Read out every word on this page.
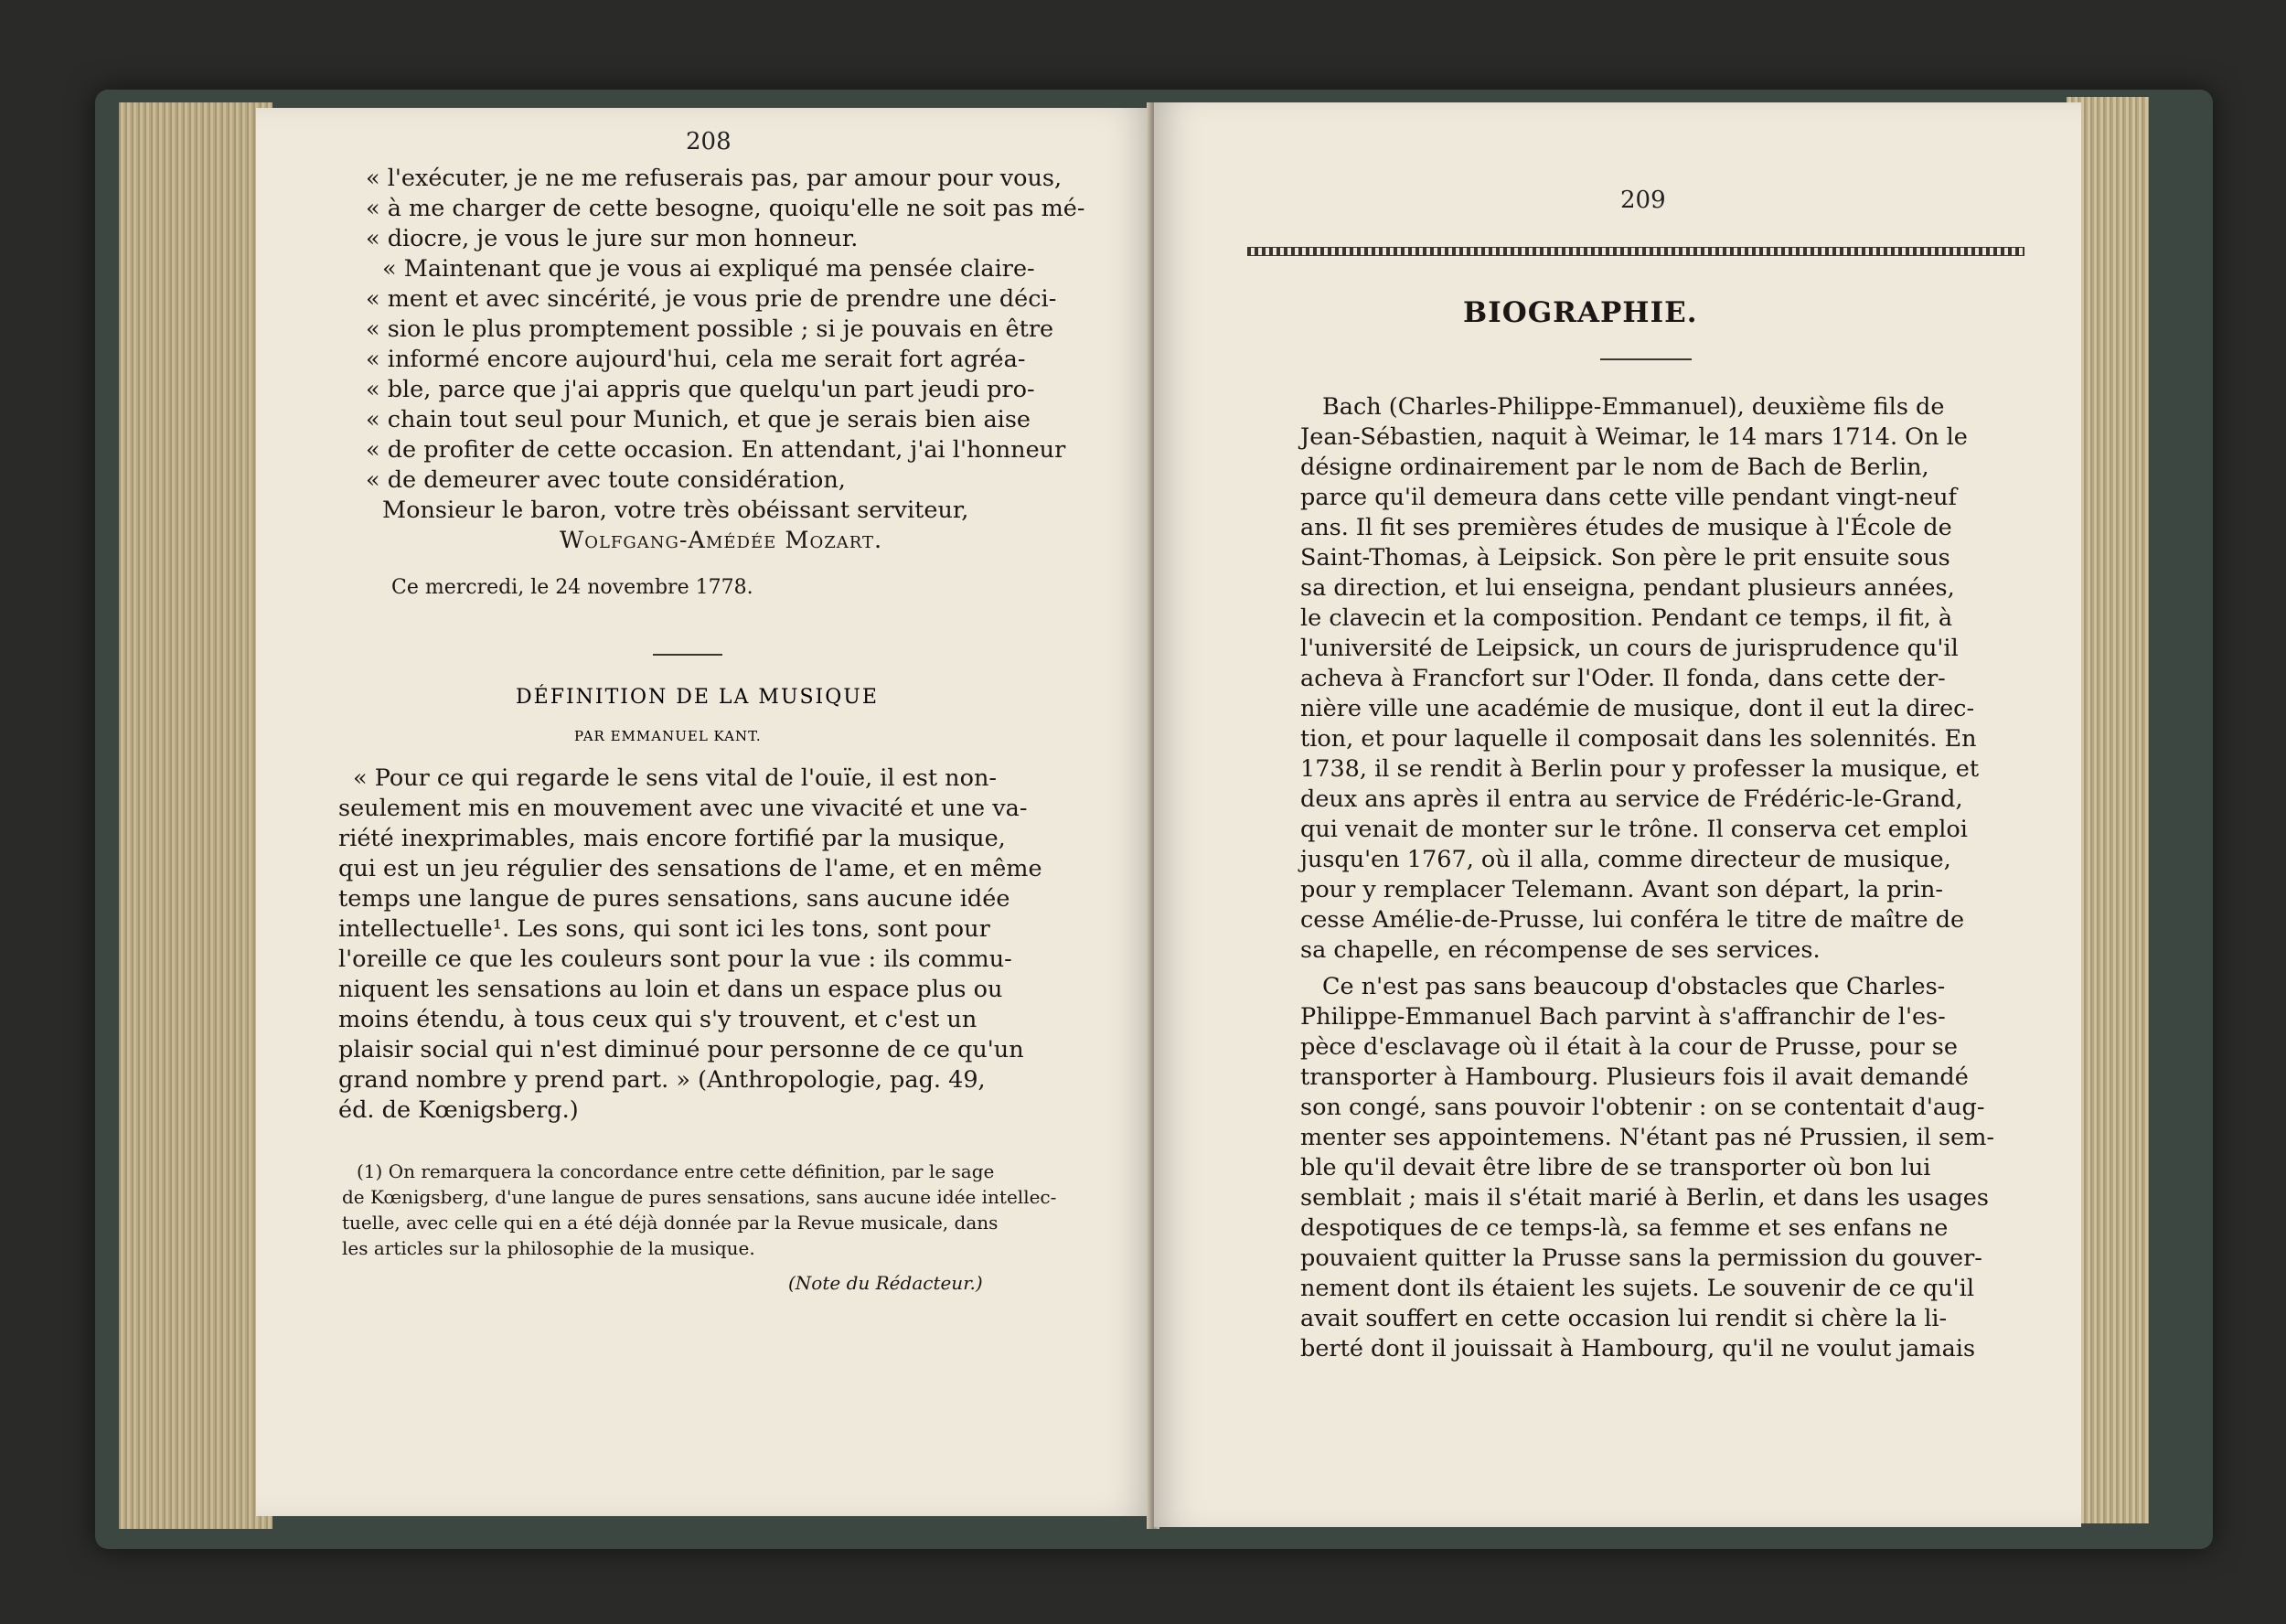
208
« l'exécuter, je ne me refuserais pas, par amour pour vous,
« à me charger de cette besogne, quoiqu'elle ne soit pas mé-
« diocre, je vous le jure sur mon honneur.
« Maintenant que je vous ai expliqué ma pensée claire-
« ment et avec sincérité, je vous prie de prendre une déci-
« sion le plus promptement possible ; si je pouvais en être
« informé encore aujourd'hui, cela me serait fort agréa-
« ble, parce que j'ai appris que quelqu'un part jeudi pro-
« chain tout seul pour Munich, et que je serais bien aise
« de profiter de cette occasion. En attendant, j'ai l'honneur
« de demeurer avec toute considération,
Monsieur le baron, votre très obéissant serviteur,
Wolfgang-Amédée Mozart.
Ce mercredi, le 24 novembre 1778.
DÉFINITION DE LA MUSIQUE
PAR EMMANUEL KANT.
« Pour ce qui regarde le sens vital de l'ouïe, il est non-
seulement mis en mouvement avec une vivacité et une va-
riété inexprimables, mais encore fortifié par la musique,
qui est un jeu régulier des sensations de l'ame, et en même
temps une langue de pures sensations, sans aucune idée
intellectuelle¹. Les sons, qui sont ici les tons, sont pour
l'oreille ce que les couleurs sont pour la vue : ils commu-
niquent les sensations au loin et dans un espace plus ou
moins étendu, à tous ceux qui s'y trouvent, et c'est un
plaisir social qui n'est diminué pour personne de ce qu'un
grand nombre y prend part. » (Anthropologie, pag. 49,
éd. de Kœnigsberg.)
(1) On remarquera la concordance entre cette définition, par le sage
de Kœnigsberg, d'une langue de pures sensations, sans aucune idée intellec-
tuelle, avec celle qui en a été déjà donnée par la Revue musicale, dans
les articles sur la philosophie de la musique.
(Note du Rédacteur.)
209
BIOGRAPHIE.
Bach (Charles-Philippe-Emmanuel), deuxième fils de
Jean-Sébastien, naquit à Weimar, le 14 mars 1714. On le
désigne ordinairement par le nom de Bach de Berlin,
parce qu'il demeura dans cette ville pendant vingt-neuf
ans. Il fit ses premières études de musique à l'École de
Saint-Thomas, à Leipsick. Son père le prit ensuite sous
sa direction, et lui enseigna, pendant plusieurs années,
le clavecin et la composition. Pendant ce temps, il fit, à
l'université de Leipsick, un cours de jurisprudence qu'il
acheva à Francfort sur l'Oder. Il fonda, dans cette der-
nière ville une académie de musique, dont il eut la direc-
tion, et pour laquelle il composait dans les solennités. En
1738, il se rendit à Berlin pour y professer la musique, et
deux ans après il entra au service de Frédéric-le-Grand,
qui venait de monter sur le trône. Il conserva cet emploi
jusqu'en 1767, où il alla, comme directeur de musique,
pour y remplacer Telemann. Avant son départ, la prin-
cesse Amélie-de-Prusse, lui conféra le titre de maître de
sa chapelle, en récompense de ses services.
Ce n'est pas sans beaucoup d'obstacles que Charles-
Philippe-Emmanuel Bach parvint à s'affranchir de l'es-
pèce d'esclavage où il était à la cour de Prusse, pour se
transporter à Hambourg. Plusieurs fois il avait demandé
son congé, sans pouvoir l'obtenir : on se contentait d'aug-
menter ses appointemens. N'étant pas né Prussien, il sem-
ble qu'il devait être libre de se transporter où bon lui
semblait ; mais il s'était marié à Berlin, et dans les usages
despotiques de ce temps-là, sa femme et ses enfans ne
pouvaient quitter la Prusse sans la permission du gouver-
nement dont ils étaient les sujets. Le souvenir de ce qu'il
avait souffert en cette occasion lui rendit si chère la li-
berté dont il jouissait à Hambourg, qu'il ne voulut jamais
